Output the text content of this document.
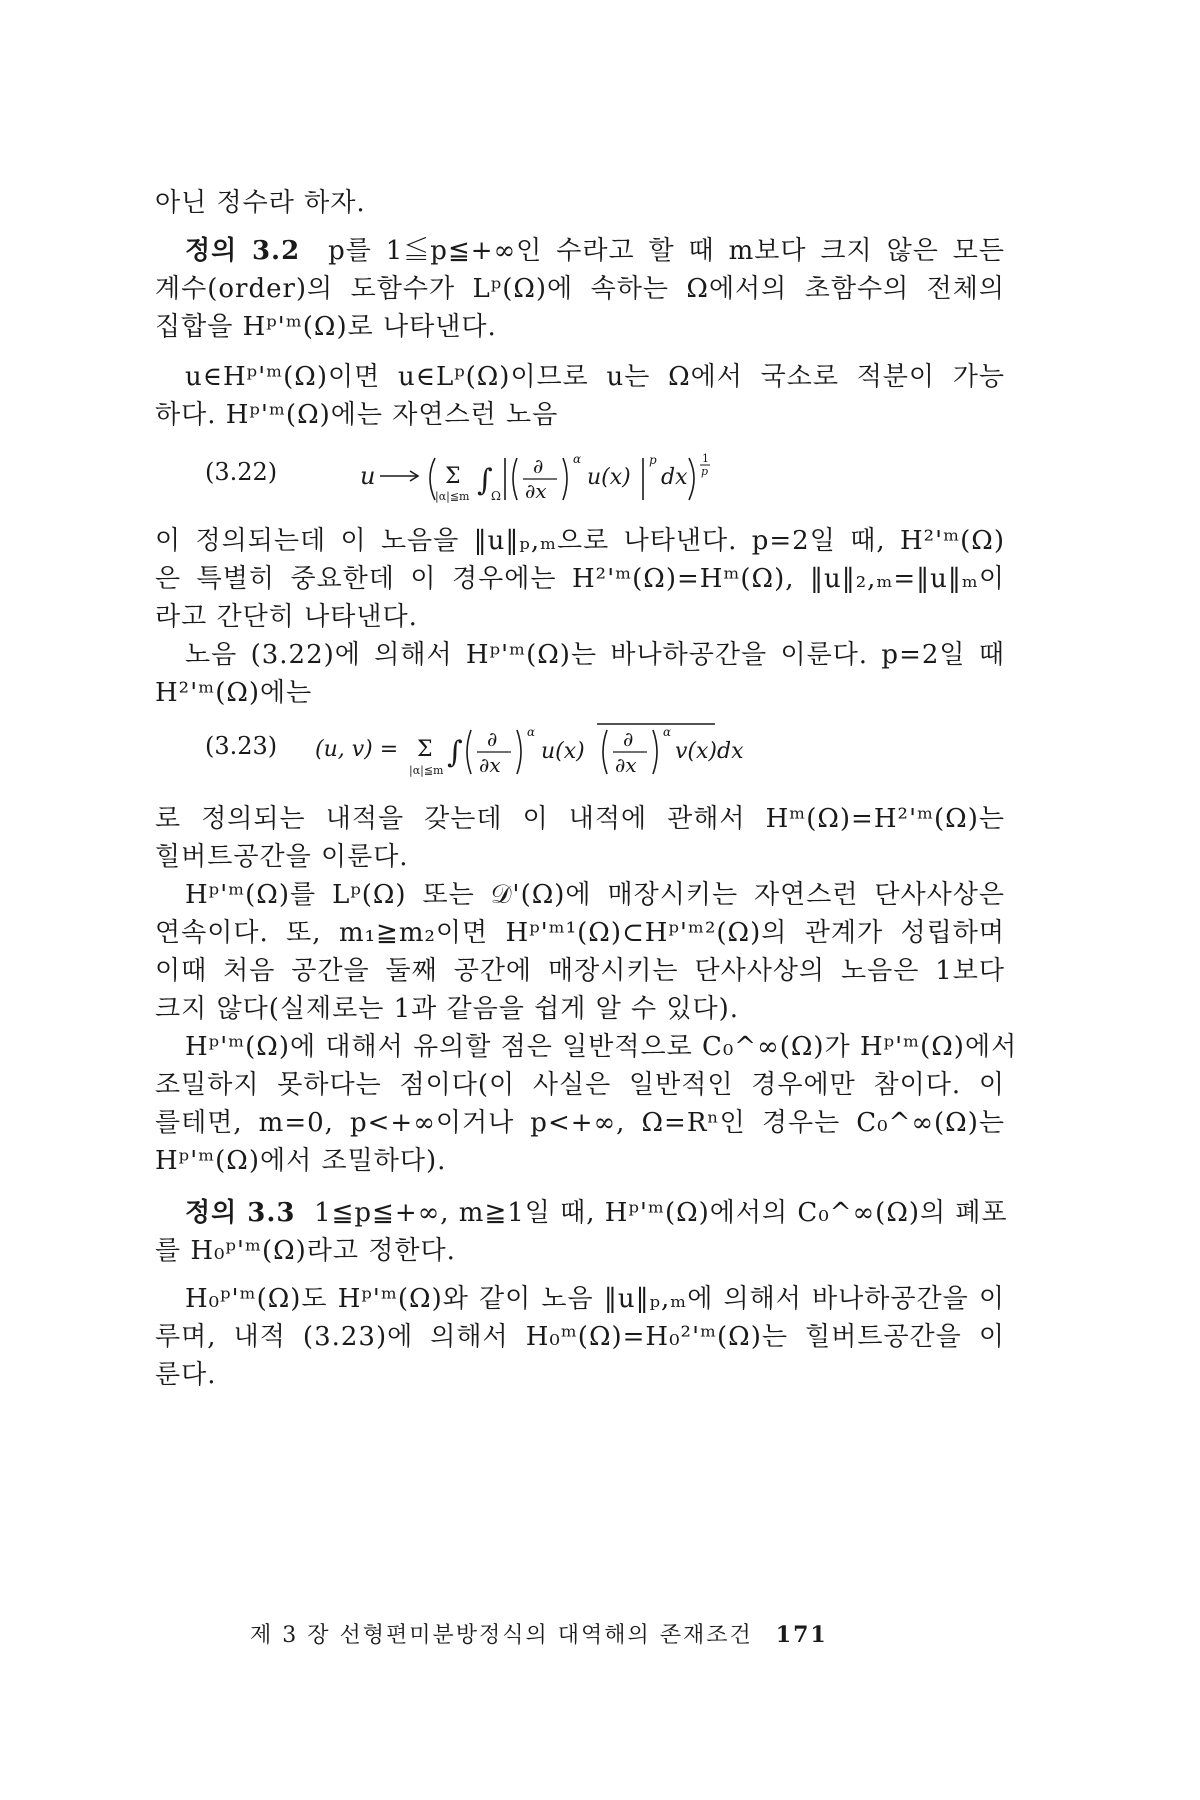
아닌 정수라 하자.
정의 3.2 p를 1≦p≦+∞인 수라고 할 때 m보다 크지 않은 모든
계수(order)의 도함수가 Lᵖ(Ω)에 속하는 Ω에서의 초함수의 전체의
집합을 Hᵖ'ᵐ(Ω)로 나타낸다.
u∈Hᵖ'ᵐ(Ω)이면 u∈Lᵖ(Ω)이므로 u는 Ω에서 국소로 적분이 가능
하다. Hᵖ'ᵐ(Ω)에는 자연스런 노음
(3.22)	u	Σ
|α|≦m ∫
Ω
∂
∂x
α
u(x)
p
dx
1
p
이 정의되는데 이 노음을 ‖u‖ₚ,ₘ으로 나타낸다. p=2일 때, H²'ᵐ(Ω)
은 특별히 중요한데 이 경우에는 H²'ᵐ(Ω)=Hᵐ(Ω), ‖u‖₂,ₘ=‖u‖ₘ이
라고 간단히 나타낸다.
노음 (3.22)에 의해서 Hᵖ'ᵐ(Ω)는 바나하공간을 이룬다. p=2일 때
H²'ᵐ(Ω)에는
(3.23) (u, v) = Σ
|α|≦m
∫ ∂
∂x
α
u(x) ∂
∂x
α
v(x)dx
로 정의되는 내적을 갖는데 이 내적에 관해서 Hᵐ(Ω)=H²'ᵐ(Ω)는
힐버트공간을 이룬다.
Hᵖ'ᵐ(Ω)를 Lᵖ(Ω) 또는 𝒟'(Ω)에 매장시키는 자연스런 단사사상은
연속이다. 또, m₁≧m₂이면 Hᵖ'ᵐ¹(Ω)⊂Hᵖ'ᵐ²(Ω)의 관계가 성립하며
이때 처음 공간을 둘째 공간에 매장시키는 단사사상의 노음은 1보다
크지 않다(실제로는 1과 같음을 쉽게 알 수 있다).
Hᵖ'ᵐ(Ω)에 대해서 유의할 점은 일반적으로 C₀^∞(Ω)가 Hᵖ'ᵐ(Ω)에서
조밀하지 못하다는 점이다(이 사실은 일반적인 경우에만 참이다. 이
를테면, m=0, p<+∞이거나 p<+∞, Ω=Rⁿ인 경우는 C₀^∞(Ω)는
Hᵖ'ᵐ(Ω)에서 조밀하다).
정의 3.3 1≦p≦+∞, m≧1일 때, Hᵖ'ᵐ(Ω)에서의 C₀^∞(Ω)의 폐포
를 H₀ᵖ'ᵐ(Ω)라고 정한다.
H₀ᵖ'ᵐ(Ω)도 Hᵖ'ᵐ(Ω)와 같이 노음 ‖u‖ₚ,ₘ에 의해서 바나하공간을 이
루며, 내적 (3.23)에 의해서 H₀ᵐ(Ω)=H₀²'ᵐ(Ω)는 힐버트공간을 이
룬다.
제 3 장 선형편미분방정식의 대역해의 존재조건 171
